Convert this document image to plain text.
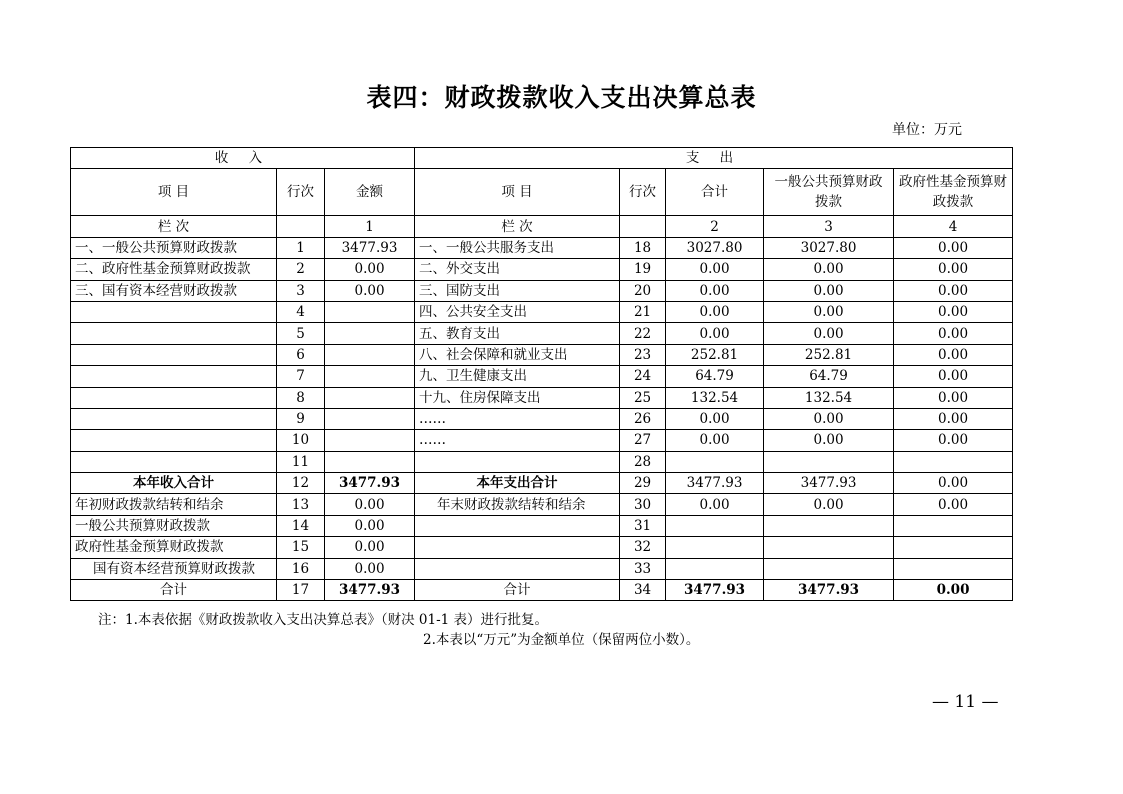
表四：财政拨款收入支出决算总表
单位：万元
收 入			支 出				
项 目	行次	金额	项 目	行次	合计	一般公共预算财政拨款	政府性基金预算财政拨款
栏 次		1	栏 次		2	3	4
一、一般公共预算财政拨款	1	3477.93	一、一般公共服务支出	18	3027.80	3027.80	0.00
二、政府性基金预算财政拨款	2	0.00	二、外交支出	19	0.00	0.00	0.00
三、国有资本经营财政拨款	3	0.00	三、国防支出	20	0.00	0.00	0.00
	4		四、公共安全支出	21	0.00	0.00	0.00
	5		五、教育支出	22	0.00	0.00	0.00
	6		八、社会保障和就业支出	23	252.81	252.81	0.00
	7		九、卫生健康支出	24	64.79	64.79	0.00
	8		十九、住房保障支出	25	132.54	132.54	0.00
	9		……	26	0.00	0.00	0.00
	10		……	27	0.00	0.00	0.00
	11			28			
本年收入合计	12	3477.93	本年支出合计	29	3477.93	3477.93	0.00
年初财政拨款结转和结余	13	0.00	年末财政拨款结转和结余	30	0.00	0.00	0.00
一般公共预算财政拨款	14	0.00		31			
政府性基金预算财政拨款	15	0.00		32			
国有资本经营预算财政拨款	16	0.00		33			
合计	17	3477.93	合计	34	3477.93	3477.93	0.00
注：1.本表依据《财政拨款收入支出决算总表》（财决 01-1 表）进行批复。
2.本表以“万元”为金额单位（保留两位小数）。
— 11 —
